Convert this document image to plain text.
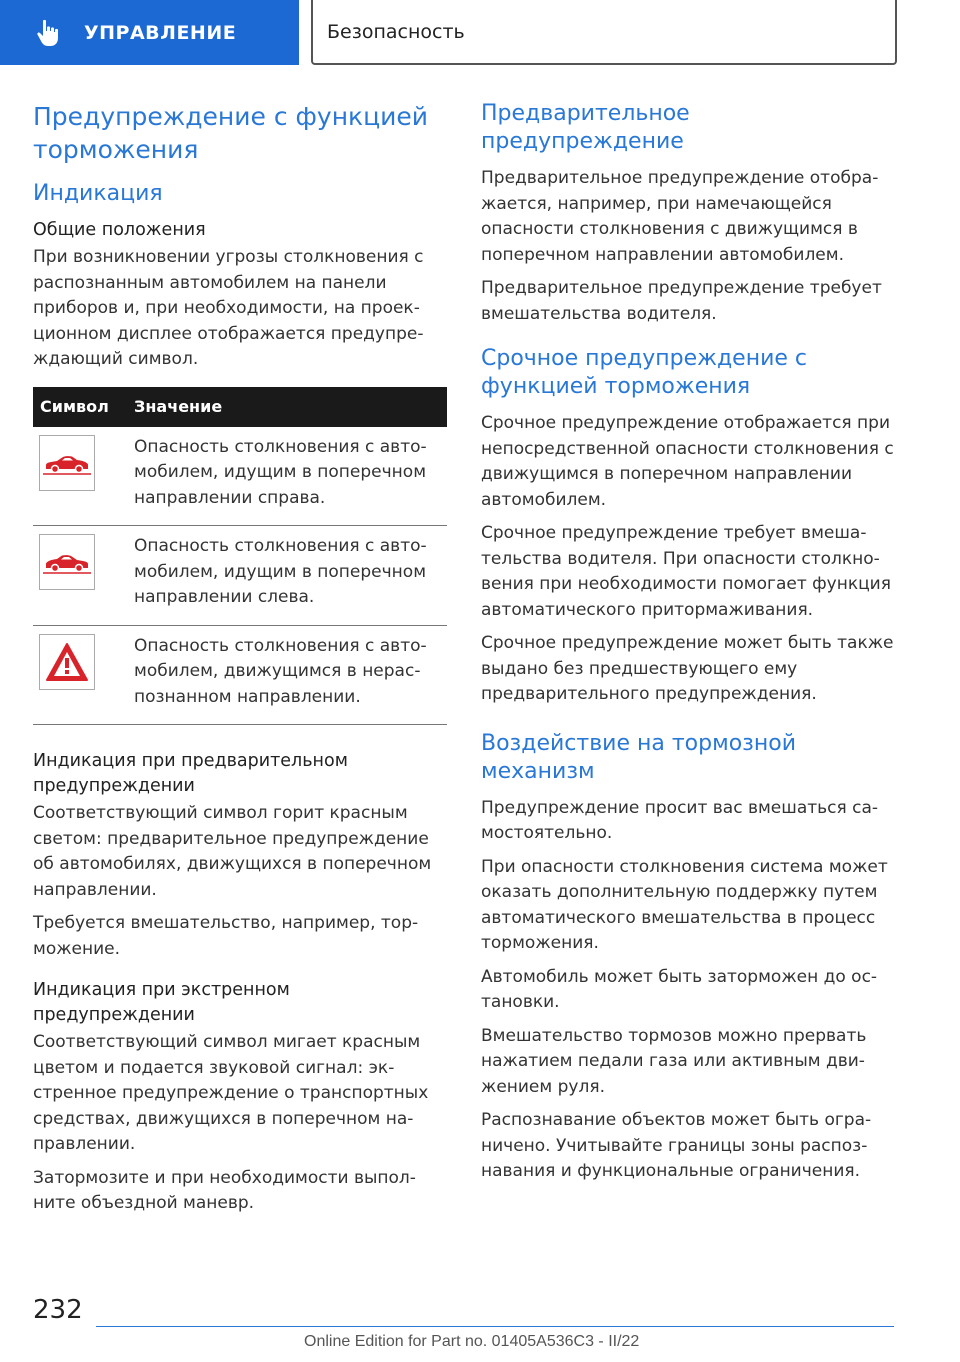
УПРАВЛЕНИЕ	Безопасность
Предупреждение с функцией торможения
Индикация
Общие положения

При возникновении угрозы столкновения с распознанным автомобилем на панели приборов и, при необходимости, на проекционном дисплее отображается предупреждающий символ.

Символ	Значение

	Опасность столкновения с автомобилем, идущим в поперечном направлении справа.

	Опасность столкновения с автомобилем, идущим в поперечном направлении слева.

	Опасность столкновения с автомобилем, движущимся в нераспознанном направлении.
Индикация при предварительном предупреждении

Соответствующий символ горит красным светом: предварительное предупреждение об автомобилях, движущихся в поперечном направлении.

Требуется вмешательство, например, торможение.

Индикация при экстренном предупреждении

Соответствующий символ мигает красным цветом и подается звуковой сигнал: экстренное предупреждение о транспортных средствах, движущихся в поперечном направлении.

Затормозите и при необходимости выполните объездной маневр.

Предварительное предупреждение

Предварительное предупреждение отображается, например, при намечающейся опасности столкновения с движущимся в поперечном направлении автомобилем.

Предварительное предупреждение требует вмешательства водителя.

Срочное предупреждение с функцией торможения

Срочное предупреждение отображается при непосредственной опасности столкновения с движущимся в поперечном направлении автомобилем.

Срочное предупреждение требует вмешательства водителя. При опасности столкновения при необходимости помогает функция автоматического притормаживания.

Срочное предупреждение может быть также выдано без предшествующего ему предварительного предупреждения.

Воздействие на тормозной механизм

Предупреждение просит вас вмешаться самостоятельно.

При опасности столкновения система может оказать дополнительную поддержку путем автоматического вмешательства в процесс торможения.

Автомобиль может быть заторможен до остановки.

Вмешательство тормозов можно прервать нажатием педали газа или активным движением руля.

Распознавание объектов может быть ограничено. Учитывайте границы зоны распознавания и функциональные ограничения.

232
Online Edition for Part no. 01405A536C3 - II/22
